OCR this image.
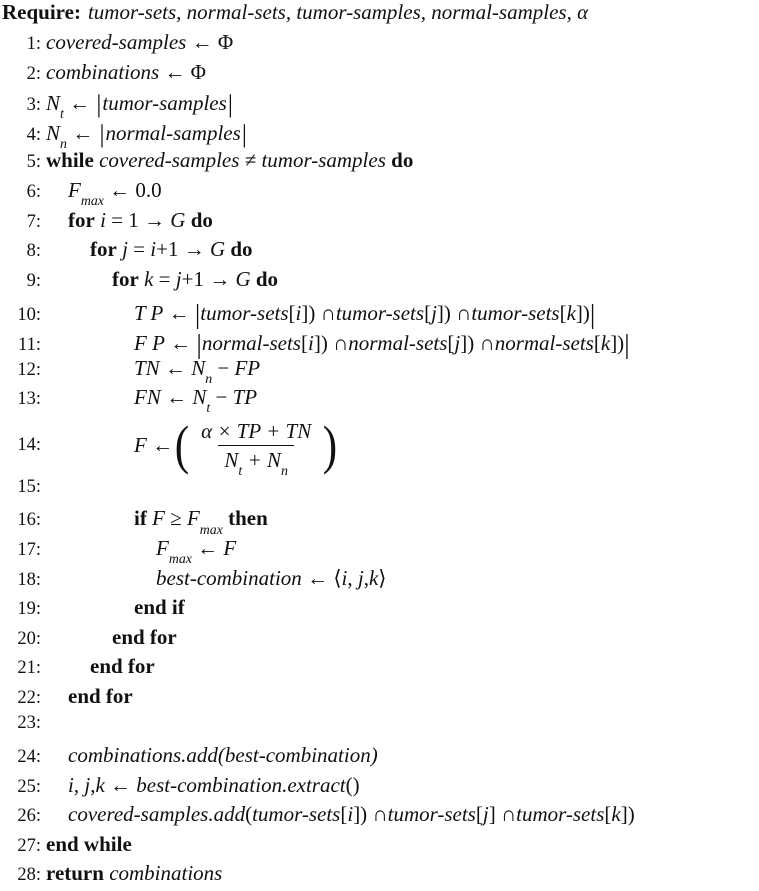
Require: tumor-sets, normal-sets, tumor-samples, normal-samples, α
1: covered-samples ← Φ
2: combinations ← Φ
3: $N_t$ ← |tumor-samples|
4: $N_n$ ← |normal-samples|
5: while covered-samples ≠ tumor-samples do
6: $F_{max}$ ← 0.0
7: for i = 1 → G do
8: for j = i+1 → G do
9:	for k = j+1 → G do
10:	T P ← |tumor-sets[i]) ∩tumor-sets[j]) ∩tumor-sets[k])|
11:	F P ← |normal-sets[i]) ∩normal-sets[j]) ∩normal-sets[k])|
12:	TN ← $N_n$ − FP
13:	FN ← $N_t$ − TP
14:	F ← ( $\frac{\alpha \times TP + TN}{N_t + N_n}$ )
15:
16:	if $F \ge F_{max}$ then
17:	$F_{max}$ ← F
18:	best-combination ← ⟨i, j,k⟩
19:	end if
20:	end for
21: end for
22: end for
23:
24: combinations.add(best-combination)
25: i, j,k ← best-combination.extract()
26: covered-samples.add(tumor-sets[i]) ∩tumor-sets[j] ∩tumor-sets[k])
27: end while
28: return combinations
